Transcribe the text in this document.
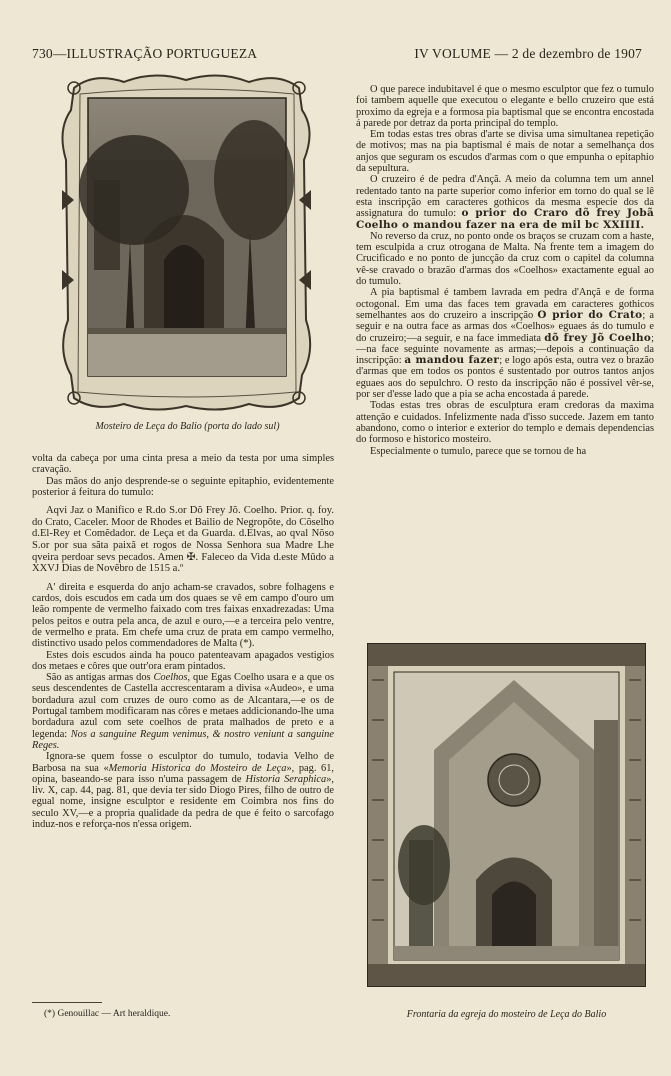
730—ILLUSTRAÇÃO PORTUGUEZA	IV VOLUME — 2 de dezembro de 1907
Mosteiro de Leça do Balio (porta do lado sul)
Frontaria da egreja do mosteiro de Leça do Balio

volta da cabeça por uma cinta presa a meio da testa por uma simples cravação.

Das mãos do anjo desprende-se o seguinte epitaphio, evidentemente posterior á feitura do tumulo:

Aqvi Jaz o Manifico e R.do S.or Dõ Frey Jõ. Coelho. Prior. q. foy. do Crato, Caceler. Moor de Rhodes et Bailio de Negropõte, do Cõselho d.El-Rey et Comẽdador. de Leça et da Guarda. d.Elvas, ao qval Nõso S.or por sua sãta paixã et rogos de Nossa Senhora sua Madre Lhe qveira perdoar sevs pecados. Amen ✠. Faleceo da Vida d.este Mũdo a XXVJ Dias de Novẽbro de 1515 a.º

A' direita e esquerda do anjo acham-se cravados, sobre folhagens e cardos, dois escudos em cada um dos quaes se vê em campo d'ouro um leão rompente de vermelho faixado com tres faixas enxadrezadas: Uma pelos peitos e outra pela anca, de azul e ouro,—e a terceira pelo ventre, de vermelho e prata. Em chefe uma cruz de prata em campo vermelho, distinctivo usado pelos commendadores de Malta (*).

Estes dois escudos ainda ha pouco patenteavam apagados vestigios dos metaes e côres que outr'ora eram pintados.

São as antigas armas dos Coelhos, que Egas Coelho usara e a que os seus descendentes de Castella accrescentaram a divisa «Audeo», e uma bordadura azul com cruzes de ouro como as de Alcantara,—e os de Portugal tambem modificaram nas côres e metaes addicionando-lhe uma bordadura azul com sete coelhos de prata malhados de preto e a legenda: Nos a sanguine Regum venimus, & nostro veniunt a sanguine Reges.

Ignora-se quem fosse o esculptor do tumulo, todavia Velho de Barbosa na sua «Memoria Historica do Mosteiro de Leça», pag. 61, opina, baseando-se para isso n'uma passagem de Historia Seraphica», liv. X, cap. 44, pag. 81, que devia ter sido Diogo Pires, filho de outro de egual nome, insigne esculptor e residente em Coimbra nos fins do seculo XV,—e a propria qualidade da pedra de que é feito o sarcofago induz-nos e reforça-nos n'essa origem.

O que parece indubitavel é que o mesmo esculptor que fez o tumulo foi tambem aquelle que executou o elegante e bello cruzeiro que está proximo da egreja e a formosa pia baptismal que se encontra encostada á parede por detraz da porta principal do templo.

Em todas estas tres obras d'arte se divisa uma simultanea repetição de motivos; mas na pia baptismal é mais de notar a semelhança dos anjos que seguram os escudos d'armas com o que empunha o epitaphio da sepultura.

O cruzeiro é de pedra d'Ançã. A meio da columna tem um annel redentado tanto na parte superior como inferior em torno do qual se lê esta inscripção em caracteres gothicos da mesma especie dos da assignatura do tumulo: o prior do Craro dõ frey Jobã Coelho o mandou fazer na era de mil bc XXIIII.

No reverso da cruz, no ponto onde os braços se cruzam com a haste, tem esculpida a cruz otrogana de Malta. Na frente tem a imagem do Crucificado e no ponto de juncção da cruz com o capitel da columna vê-se cravado o brazão d'armas dos «Coelhos» exactamente egual ao do tumulo.

A pia baptismal é tambem lavrada em pedra d'Ançã e de forma octogonal. Em uma das faces tem gravada em caracteres gothicos semelhantes aos do cruzeiro a inscripção O prior do Crato; a seguir e na outra face as armas dos «Coelhos» eguaes ás do tumulo e do cruzeiro;—a seguir, e na face immediata dõ frey Jõ Coelho;—na face seguinte novamente as armas;—depois a continuação da inscripção: a mandou fazer; e logo após esta, outra vez o brazão d'armas que em todos os pontos é sustentado por outros tantos anjos eguaes aos do sepulchro. O resto da inscripção não é possivel vêr-se, por ser d'esse lado que a pia se acha encostada á parede.

Todas estas tres obras de esculptura eram credoras da maxima attenção e cuidados. Infelizmente nada d'isso succede. Jazem em tanto abandono, como o interior e exterior do templo e demais dependencias do formoso e historico mosteiro.

Especialmente o tumulo, parece que se tornou de ha

(*) Genouillac — Art heraldique.
